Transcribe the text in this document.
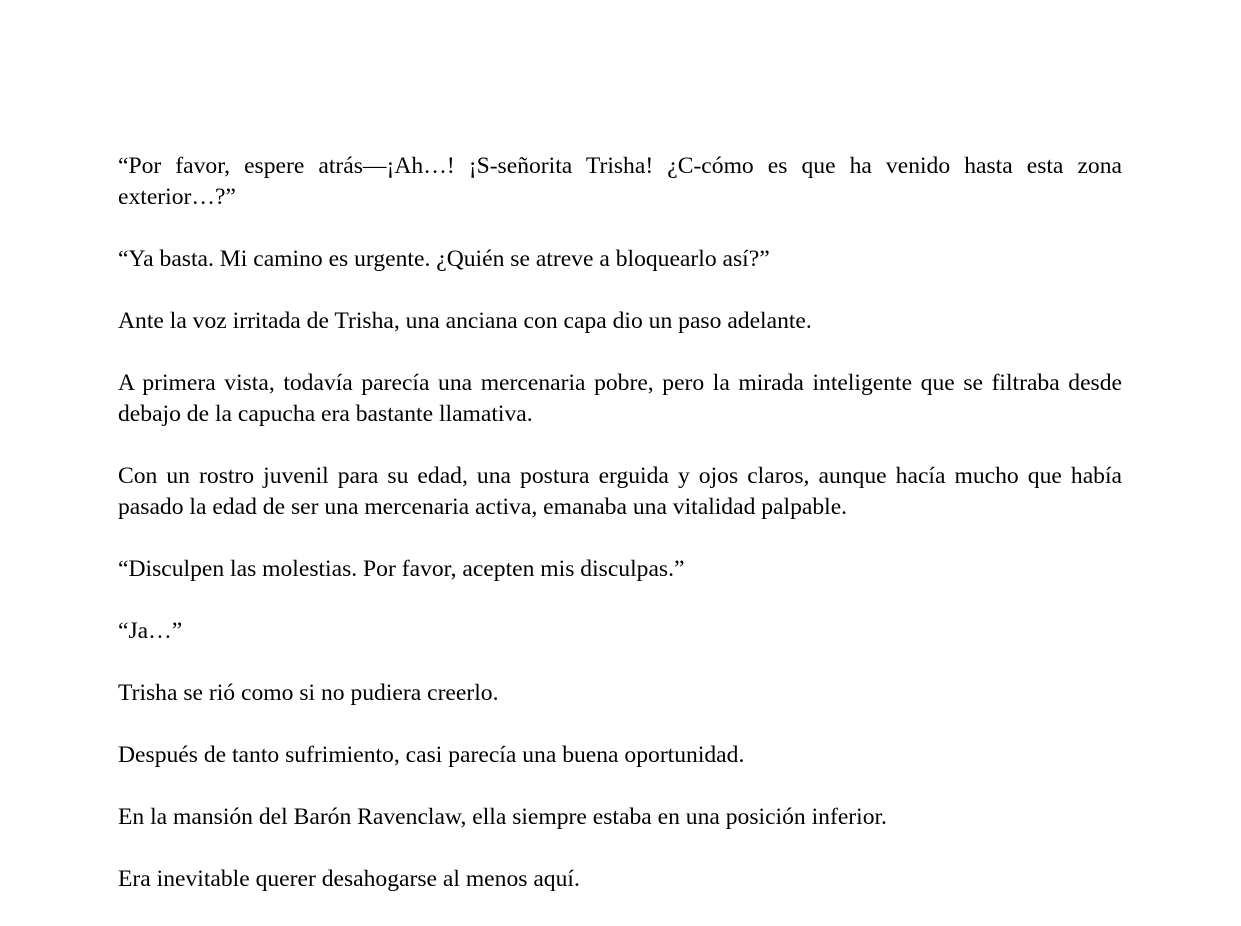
“Por favor, espere atrás—¡Ah…! ¡S-señorita Trisha! ¿C-cómo es que ha venido hasta esta zona exterior…?”

“Ya basta. Mi camino es urgente. ¿Quién se atreve a bloquearlo así?”

Ante la voz irritada de Trisha, una anciana con capa dio un paso adelante.

A primera vista, todavía parecía una mercenaria pobre, pero la mirada inteligente que se filtraba desde debajo de la capucha era bastante llamativa.

Con un rostro juvenil para su edad, una postura erguida y ojos claros, aunque hacía mucho que había pasado la edad de ser una mercenaria activa, emanaba una vitalidad palpable.

“Disculpen las molestias. Por favor, acepten mis disculpas.”

“Ja…”

Trisha se rió como si no pudiera creerlo.

Después de tanto sufrimiento, casi parecía una buena oportunidad.

En la mansión del Barón Ravenclaw, ella siempre estaba en una posición inferior.

Era inevitable querer desahogarse al menos aquí.
